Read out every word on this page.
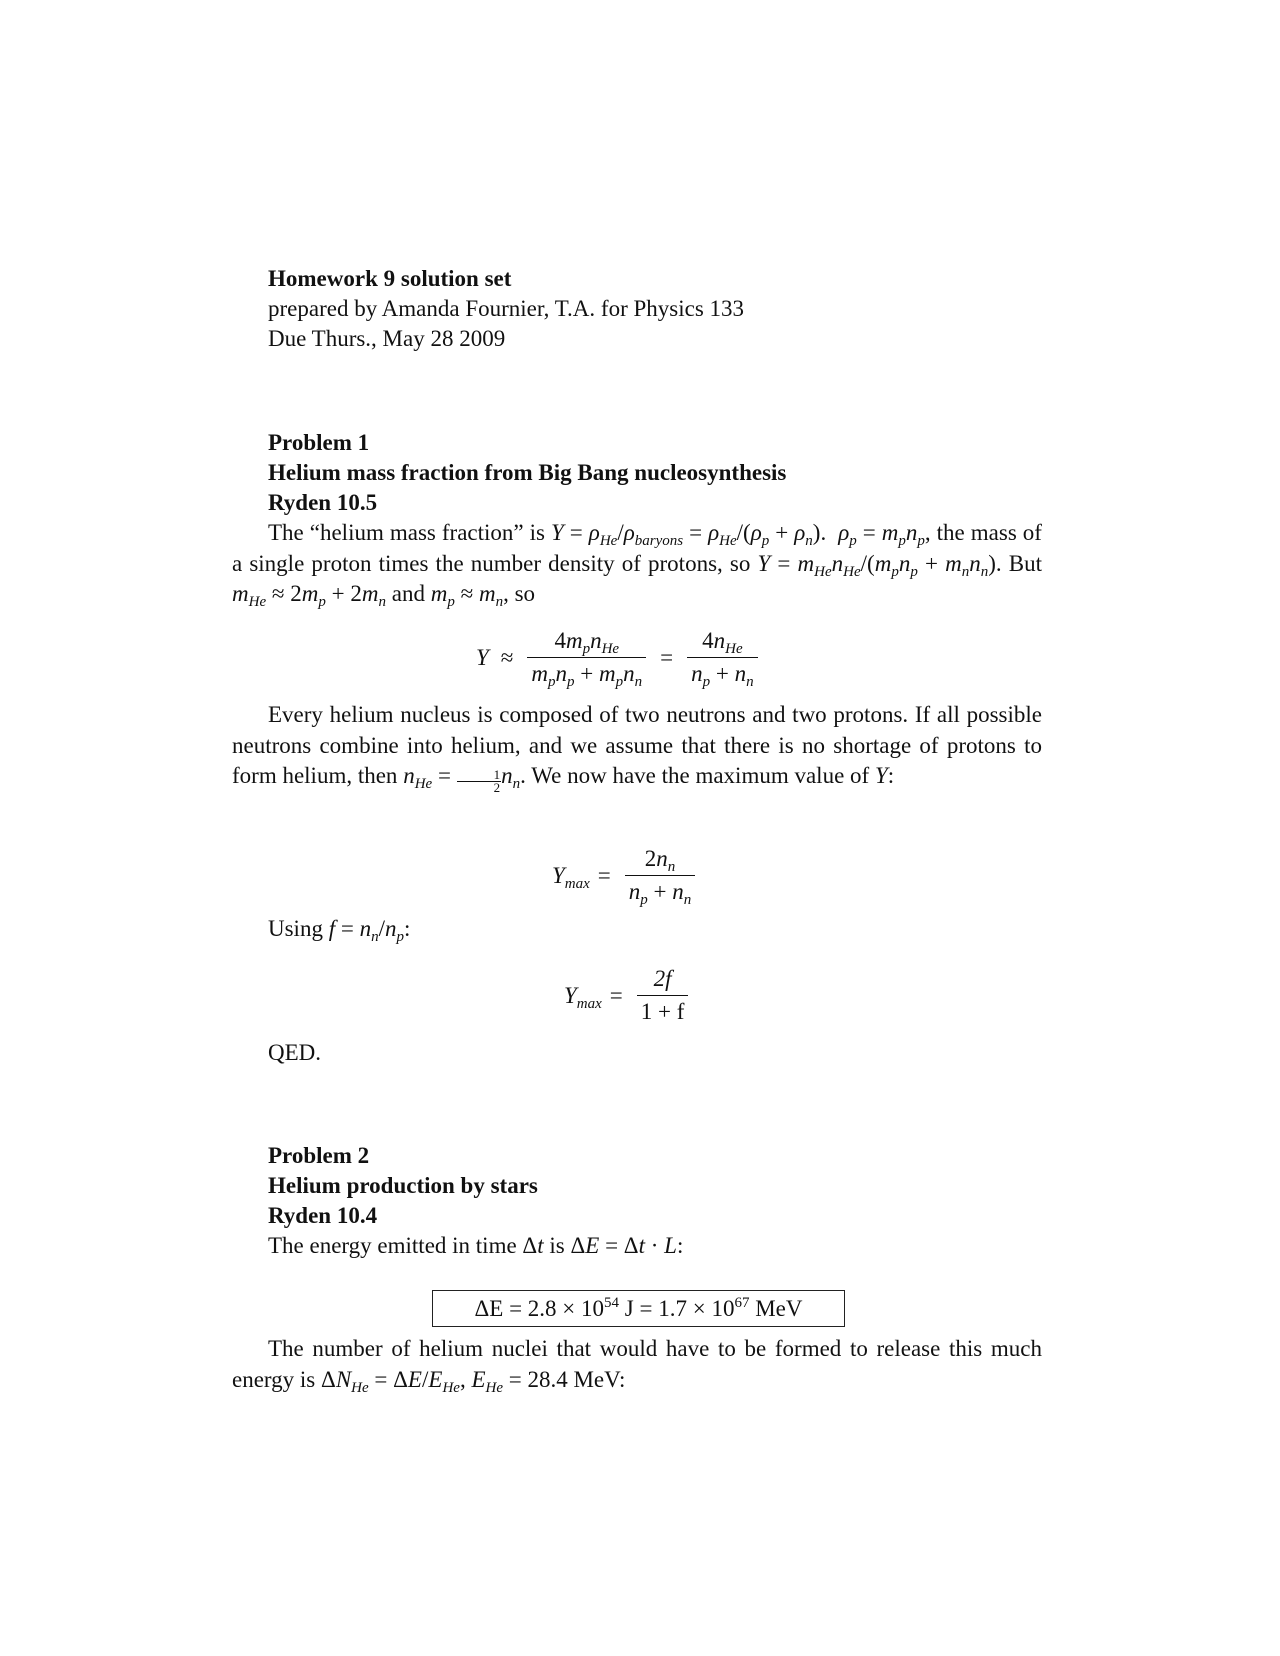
Homework 9 solution set
prepared by Amanda Fournier, T.A. for Physics 133
Due Thurs., May 28 2009
Problem 1
Helium mass fraction from Big Bang nucleosynthesis
Ryden 10.5
The “helium mass fraction” is $Y = \rho_{He}/\rho_{baryons} = \rho_{He}/(\rho_p + \rho_n)$.  $\rho_p = m_pn_p$, the mass of a single proton times the number density of protons, so $Y = m_{He}n_{He}/(m_pn_p + m_nn_n)$. But $m_{He} \approx 2m_p + 2m_n$ and $m_p \approx m_n$, so
$Y \approx \frac{4m_pn_{He}}{m_pn_p + m_pn_n} = \frac{4n_{He}}{n_p + n_n}$
Every helium nucleus is composed of two neutrons and two protons. If all possible neutrons combine into helium, and we assume that there is no shortage of protons to form helium, then $n_{He} = \frac{1}{2} n_n$. We now have the maximum value of Y:
$Y_{max} = \frac{2n_n}{n_p + n_n}$
Using $f = n_n/n_p$:
$Y_{max} = \frac{2f}{1 + f}$
QED.
Problem 2
Helium production by stars
Ryden 10.4
The energy emitted in time Δt is ΔE = Δt · L:
$\Delta E = 2.8 \times 10^{54}$ $J = 1.7 \times 10^{67}$ MeV
The number of helium nuclei that would have to be formed to release this much energy is $\Delta N_{He} = \Delta E/E_{He}$, $E_{He} = 28.4$ MeV:
